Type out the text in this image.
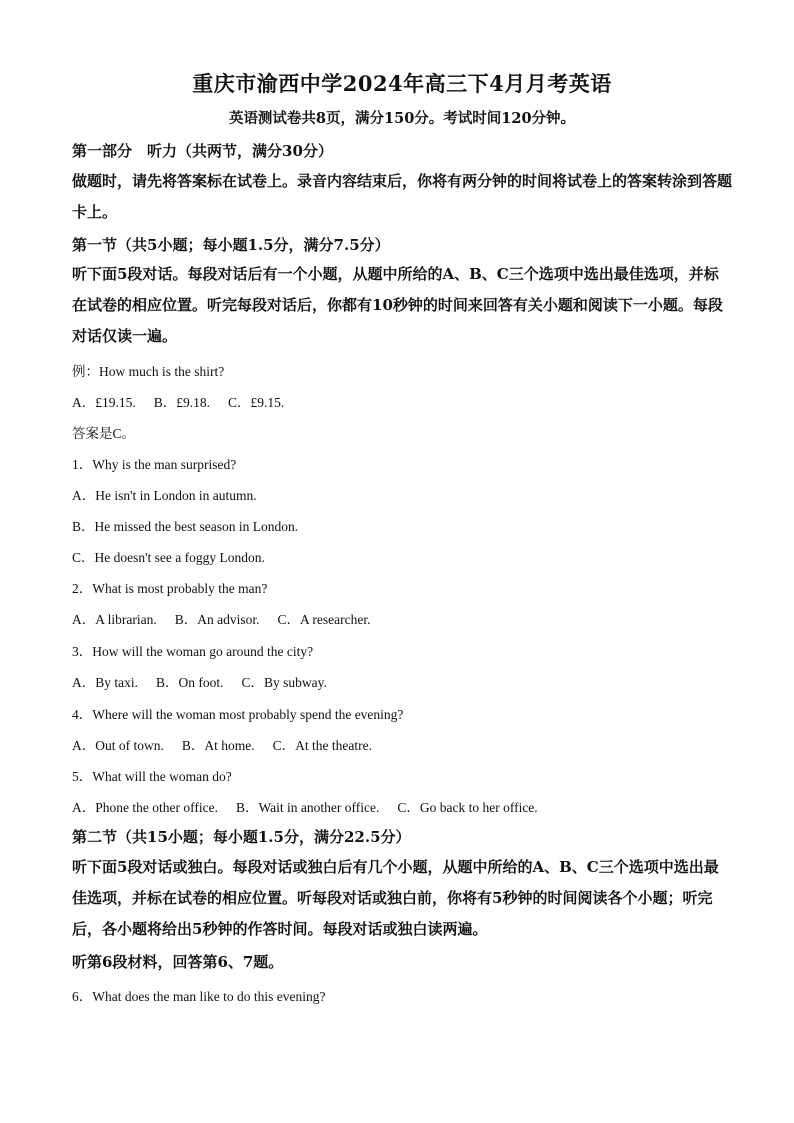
重庆市渝西中学2024年高三下4月月考英语
英语测试卷共8页，满分150分。考试时间120分钟。
第一部分　听力（共两节，满分30分）
做题时，请先将答案标在试卷上。录音内容结束后，你将有两分钟的时间将试卷上的答案转涂到答题卡上。
第一节（共5小题；每小题1.5分，满分7.5分）
听下面5段对话。每段对话后有一个小题，从题中所给的A、B、C三个选项中选出最佳选项，并标在试卷的相应位置。听完每段对话后，你都有10秒钟的时间来回答有关小题和阅读下一小题。每段对话仅读一遍。
例：How much is the shirt?
A．£19.15. B．£9.18. C．£9.15.
答案是C。
1．Why is the man surprised?
A．He isn't in London in autumn.
B．He missed the best season in London.
C．He doesn't see a foggy London.
2．What is most probably the man?
A．A librarian. B．An advisor. C．A researcher.
3．How will the woman go around the city?
A．By taxi. B．On foot. C．By subway.
4．Where will the woman most probably spend the evening?
A．Out of town. B．At home. C．At the theatre.
5．What will the woman do?
A．Phone the other office. B．Wait in another office. C．Go back to her office.
第二节（共15小题；每小题1.5分，满分22.5分）
听下面5段对话或独白。每段对话或独白后有几个小题，从题中所给的A、B、C三个选项中选出最佳选项，并标在试卷的相应位置。听每段对话或独白前，你将有5秒钟的时间阅读各个小题；听完后，各小题将给出5秒钟的作答时间。每段对话或独白读两遍。
听第6段材料，回答第6、7题。
6．What does the man like to do this evening?
